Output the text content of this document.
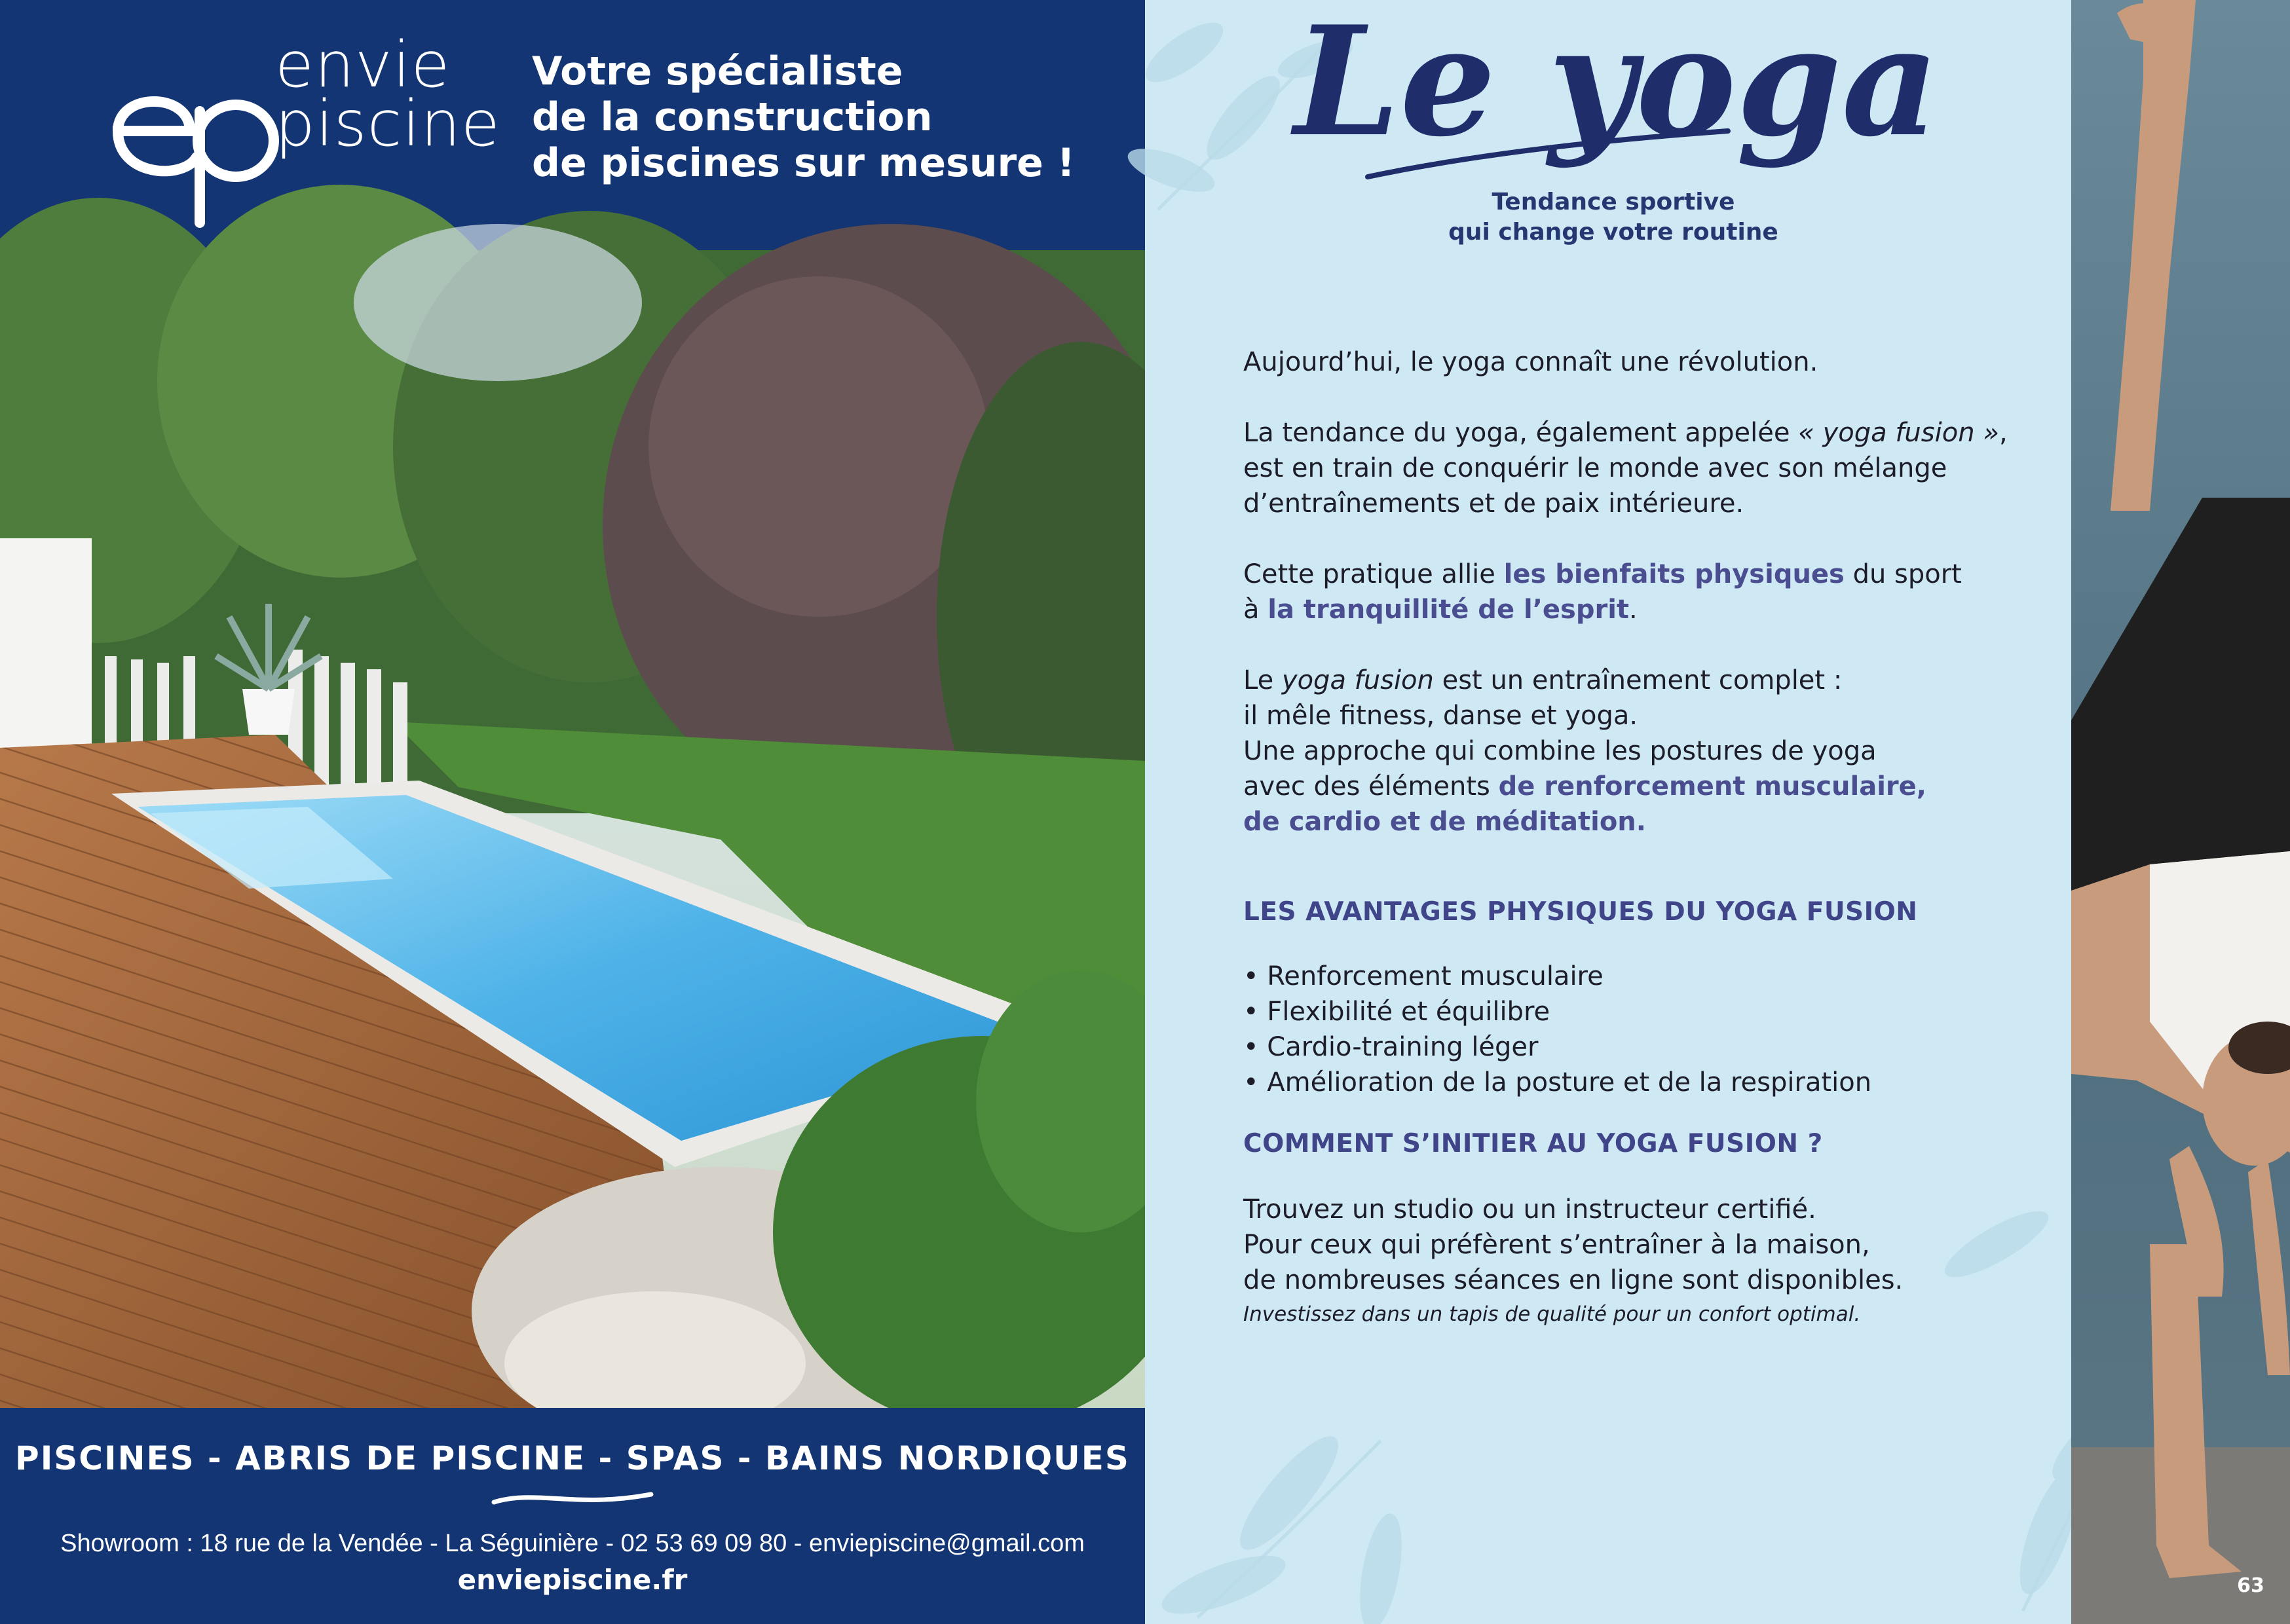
envie
piscine
Votre spécialiste
de la construction
de piscines sur mesure !
PISCINES - ABRIS DE PISCINE - SPAS - BAINS NORDIQUES
Showroom : 18 rue de la Vendée - La Séguinière - 02 53 69 09 80 - enviepiscine@gmail.com
enviepiscine.fr
Le yoga
Tendance sportive
qui change votre routine

Aujourd’hui, le yoga connaît une révolution.

La tendance du yoga, également appelée « yoga fusion »,

est en train de conquérir le monde avec son mélange

d’entraînements et de paix intérieure.

Cette pratique allie les bienfaits physiques du sport

à la tranquillité de l’esprit.

Le yoga fusion est un entraînement complet :

il mêle fitness, danse et yoga.

Une approche qui combine les postures de yoga

avec des éléments de renforcement musculaire,

de cardio et de méditation.

LES AVANTAGES PHYSIQUES DU YOGA FUSION

• Renforcement musculaire

• Flexibilité et équilibre

• Cardio-training léger

• Amélioration de la posture et de la respiration

COMMENT S’INITIER AU YOGA FUSION ?

Trouvez un studio ou un instructeur certifié.

Pour ceux qui préfèrent s’entraîner à la maison,

de nombreuses séances en ligne sont disponibles.

Investissez dans un tapis de qualité pour un confort optimal.

63
